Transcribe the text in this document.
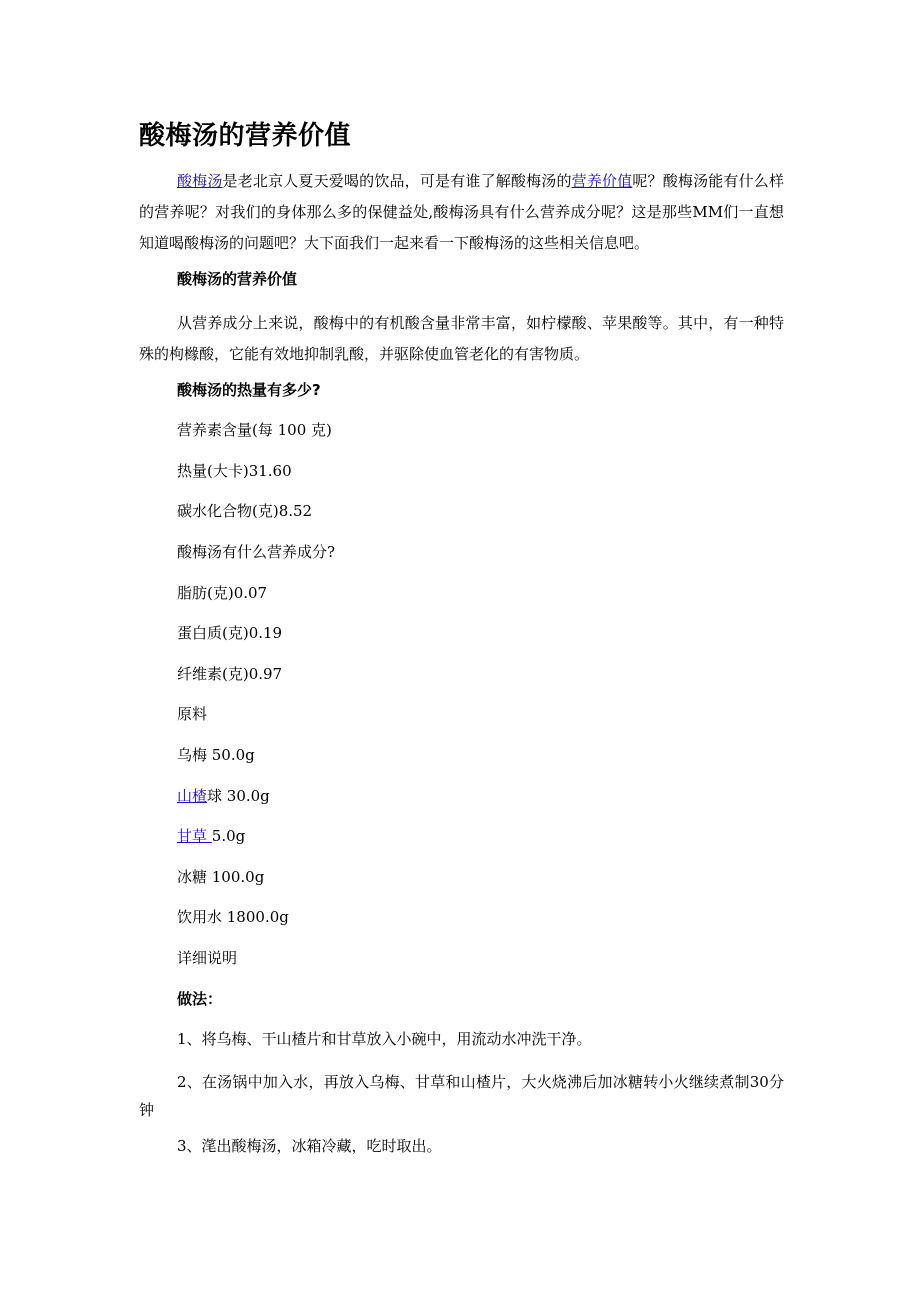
酸梅汤的营养价值

酸梅汤是老北京人夏天爱喝的饮品，可是有谁了解酸梅汤的营养价值呢？酸梅汤能有什么样的营养呢？对我们的身体那么多的保健益处,酸梅汤具有什么营养成分呢？这是那些MM们一直想知道喝酸梅汤的问题吧？大下面我们一起来看一下酸梅汤的这些相关信息吧。

酸梅汤的营养价值

从营养成分上来说，酸梅中的有机酸含量非常丰富，如柠檬酸、苹果酸等。其中，有一种特殊的枸橼酸，它能有效地抑制乳酸，并驱除使血管老化的有害物质。

酸梅汤的热量有多少?
营养素含量(每 100 克)
热量(大卡)31.60
碳水化合物(克)8.52
酸梅汤有什么营养成分?
脂肪(克)0.07
蛋白质(克)0.19
纤维素(克)0.97
原料
乌梅 50.0g
山楂球 30.0g
甘草 5.0g
冰糖 100.0g
饮用水 1800.0g
详细说明
做法：
1、将乌梅、干山楂片和甘草放入小碗中，用流动水冲洗干净。

2、在汤锅中加入水，再放入乌梅、甘草和山楂片，大火烧沸后加冰糖转小火继续煮制30分钟

3、滗出酸梅汤，冰箱冷藏，吃时取出。
